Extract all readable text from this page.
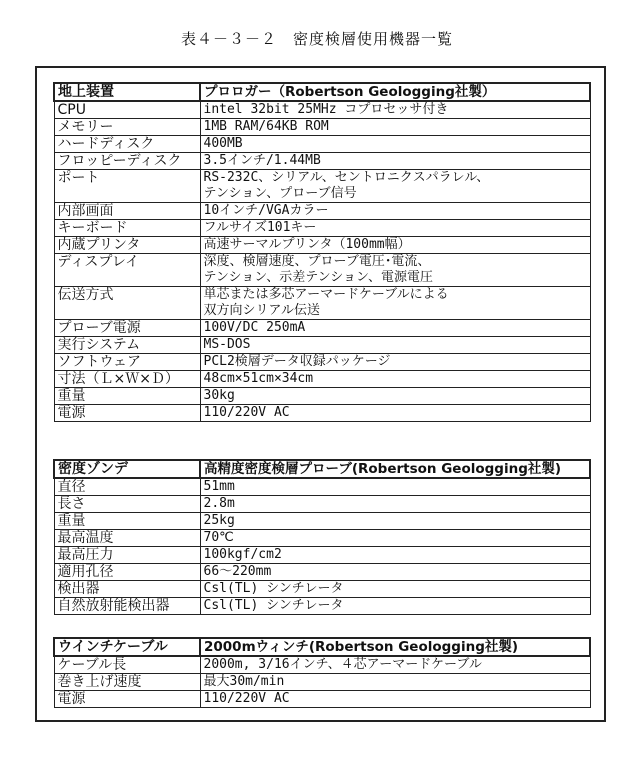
表４－３－２　密度検層使用機器一覧
地上装置	プロロガー（Robertson Geologging社製）
CPU	intel 32bit 25MHz コプロセッサ付き
メモリー	1MB RAM/64KB ROM
ハードディスク	400MB
フロッピーディスク	3.5インチ/1.44MB
ポート	RS-232C、シリアル、セントロニクスパラレル、
テンション、プローブ信号
内部画面	10インチ/VGAカラー
キーボード	フルサイズ101キー
内蔵プリンタ	高速サーマルプリンタ（100mm幅）
ディスプレイ	深度、検層速度、プローブ電圧･電流、
テンション、示差テンション、電源電圧
伝送方式	単芯または多芯アーマードケーブルによる
双方向シリアル伝送
プローブ電源	100V/DC 250mA
実行システム	MS-DOS
ソフトウェア	PCL2検層データ収録パッケージ
寸法（Ｌ×Ｗ×Ｄ）	48cm×51cm×34cm
重量	30kg
電源	110/220V AC
密度ゾンデ	高精度密度検層プローブ(Robertson Geologging社製)
直径	51mm
長さ	2.8m
重量	25kg
最高温度	70℃
最高圧力	100kgf/cm2
適用孔径	66～220mm
検出器	Csl(TL) シンチレータ
自然放射能検出器	Csl(TL) シンチレータ
ウインチケーブル	2000mウィンチ(Robertson Geologging社製)
ケーブル長	2000m, 3/16インチ、４芯アーマードケーブル
巻き上げ速度	最大30m/min
電源	110/220V AC
